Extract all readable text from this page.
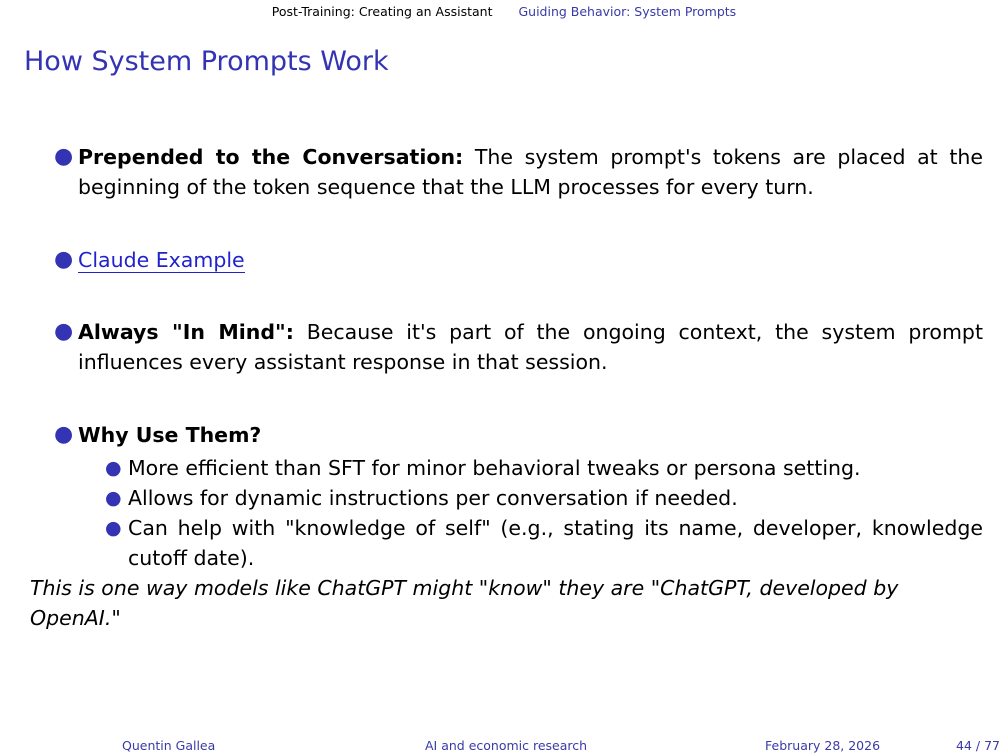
Post-Training: Creating an Assistant Guiding Behavior: System Prompts
How System Prompts Work
● Prepended to the Conversation: The system prompt's tokens are placed at the beginning of the token sequence that the LLM processes for every turn.
● Claude Example
● Always "In Mind": Because it's part of the ongoing context, the system prompt influences every assistant response in that session.
● Why Use Them?
● More efficient than SFT for minor behavioral tweaks or persona setting.
● Allows for dynamic instructions per conversation if needed.
● Can help with "knowledge of self" (e.g., stating its name, developer, knowledge cutoff date).
This is one way models like ChatGPT might "know" they are "ChatGPT, developed by OpenAI."
Quentin Gallea	AI and economic research	February 28, 2026	44 / 77
